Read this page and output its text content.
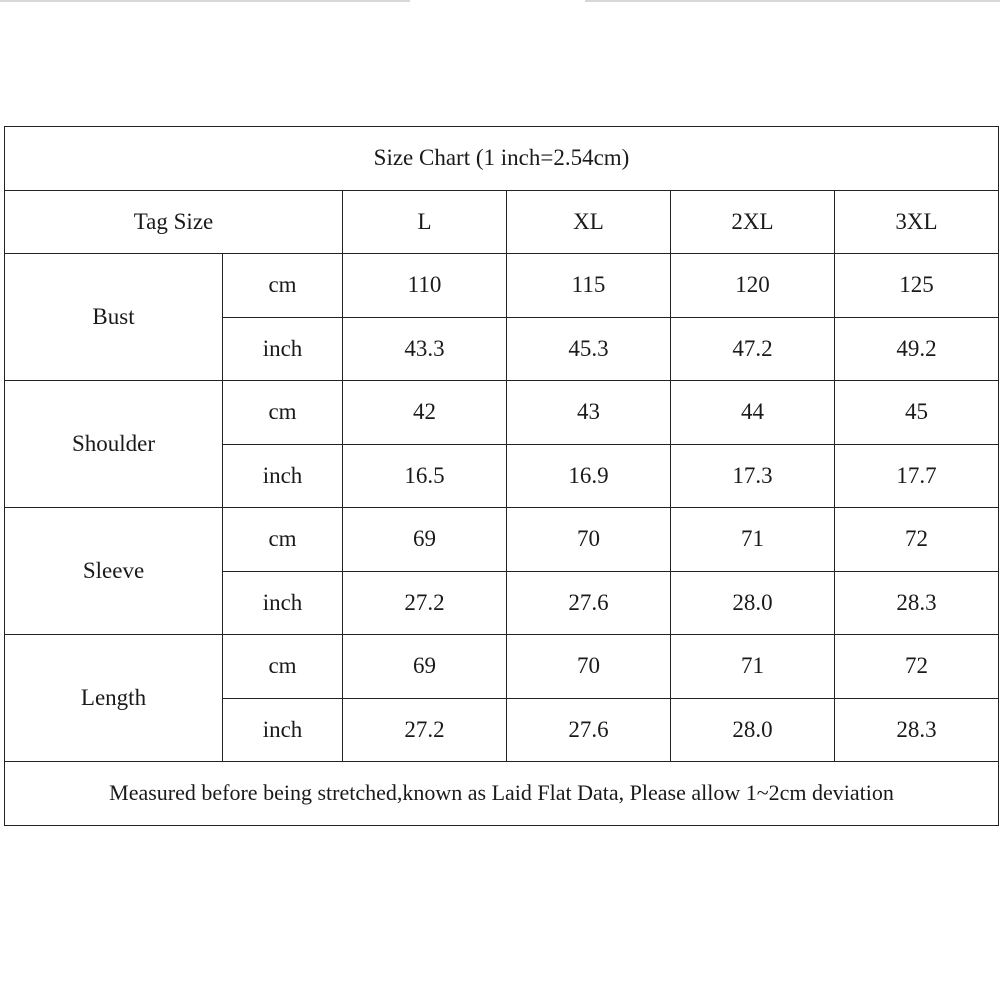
Size Chart (1 inch=2.54cm)					
Tag Size		L	XL	2XL	3XL
Bust	cm	110	115	120	125
	inch	43.3	45.3	47.2	49.2
Shoulder	cm	42	43	44	45
	inch	16.5	16.9	17.3	17.7
Sleeve	cm	69	70	71	72
	inch	27.2	27.6	28.0	28.3
Length	cm	69	70	71	72
	inch	27.2	27.6	28.0	28.3
Measured before being stretched,known as Laid Flat Data, Please allow 1~2cm deviation					
